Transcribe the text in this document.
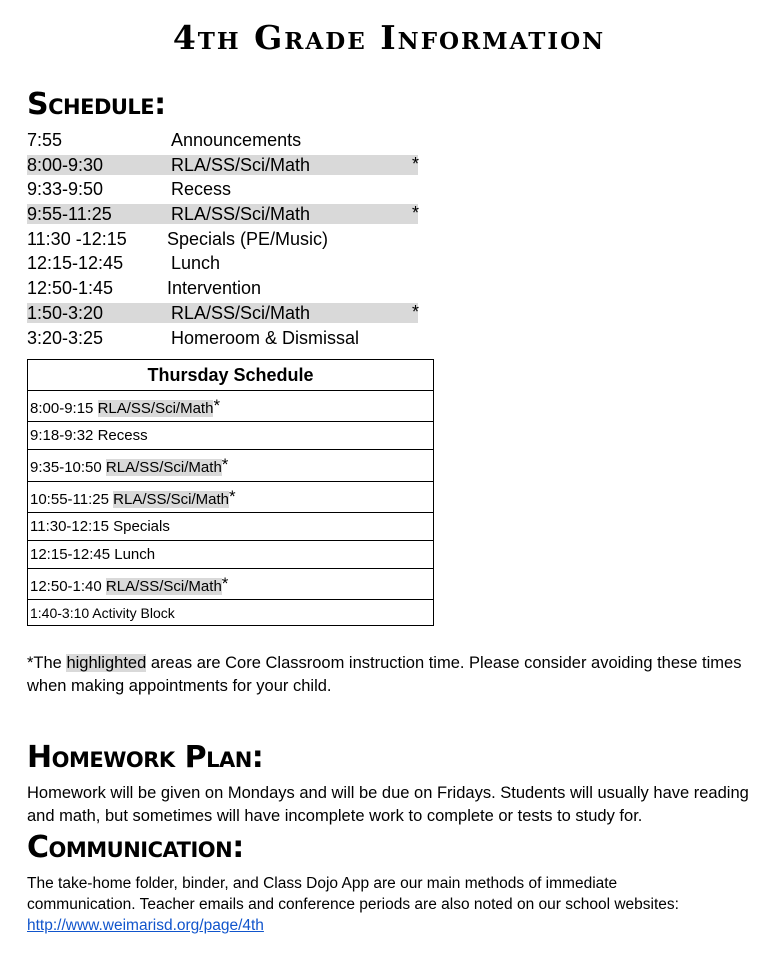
4th Grade Information
Schedule:
7:55	Announcements
8:00-9:30	RLA/SS/Sci/Math	*
9:33-9:50	Recess
9:55-11:25	RLA/SS/Sci/Math	*
11:30 -12:15 Specials (PE/Music)
12:15-12:45	Lunch
12:50-1:45	Intervention
1:50-3:20	RLA/SS/Sci/Math	*
3:20-3:25	Homeroom & Dismissal
Thursday Schedule
8:00-9:15 RLA/SS/Sci/Math*
9:18-9:32 Recess
9:35-10:50 RLA/SS/Sci/Math*
10:55-11:25 RLA/SS/Sci/Math*
11:30-12:15 Specials
12:15-12:45 Lunch
12:50-1:40 RLA/SS/Sci/Math*
1:40-3:10 Activity Block

*The highlighted areas are Core Classroom instruction time. Please consider avoiding these times when making appointments for your child.

Homework Plan:

Homework will be given on Mondays and will be due on Fridays. Students will usually have reading and math, but sometimes will have incomplete work to complete or tests to study for.

Communication:

The take-home folder, binder, and Class Dojo App are our main methods of immediate communication. Teacher emails and conference periods are also noted on our school websites:
http://www.weimarisd.org/page/4th
